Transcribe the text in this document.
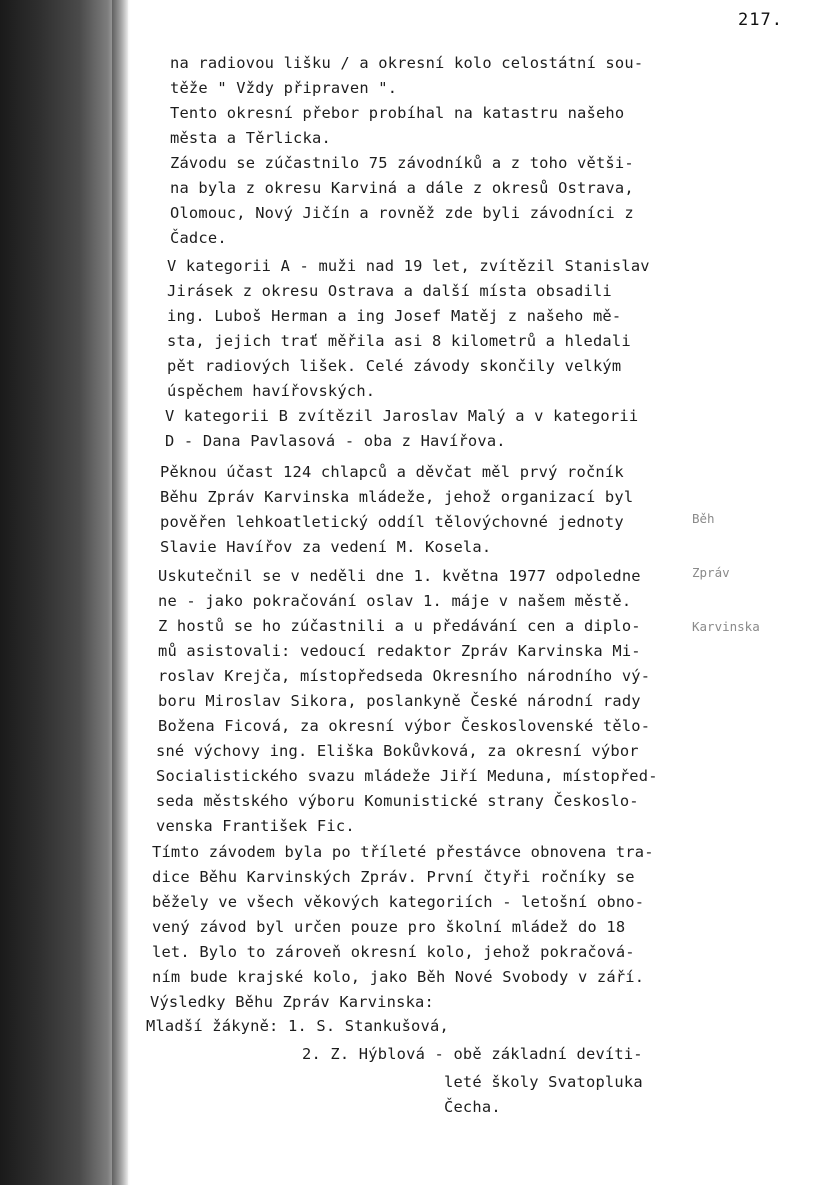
217.
na radiovou lišku / a okresní kolo celostátní sou-
těže " Vždy připraven ".
Tento okresní přebor probíhal na katastru našeho
města a Těrlicka.
Závodu se zúčastnilo 75 závodníků a z toho větši-
na byla z okresu Karviná a dále z okresů Ostrava,
Olomouc, Nový Jičín a rovněž zde byli závodníci z
Čadce.
V kategorii A - muži nad 19 let, zvítězil Stanislav
Jirásek z okresu Ostrava a další místa obsadili
ing. Luboš Herman a ing Josef Matěj z našeho mě-
sta, jejich trať měřila asi 8 kilometrů a hledali
pět radiových lišek. Celé závody skončily velkým
úspěchem havířovských.
V kategorii B zvítězil Jaroslav Malý a v kategorii
D - Dana Pavlasová - oba z Havířova.
Pěknou účast 124 chlapců a děvčat měl prvý ročník
Běhu Zpráv Karvinska mládeže, jehož organizací byl
pověřen lehkoatletický oddíl tělovýchovné jednoty
Slavie Havířov za vedení M. Kosela.
Uskutečnil se v neděli dne 1. května 1977 odpoledne
ne - jako pokračování oslav 1. máje v našem městě.
Z hostů se ho zúčastnili a u předávání cen a diplo-
mů asistovali: vedoucí redaktor Zpráv Karvinska Mi-
roslav Krejča, místopředseda Okresního národního vý-
boru Miroslav Sikora, poslankyně České národní rady
Božena Ficová, za okresní výbor Československé tělo-
sné výchovy ing. Eliška Bokůvková, za okresní výbor
Socialistického svazu mládeže Jiří Meduna, místopřed-
seda městského výboru Komunistické strany Českoslo-
venska František Fic.
Tímto závodem byla po tříleté přestávce obnovena tra-
dice Běhu Karvinských Zpráv. První čtyři ročníky se
běžely ve všech věkových kategoriích - letošní obno-
vený závod byl určen pouze pro školní mládež do 18
let. Bylo to zároveň okresní kolo, jehož pokračová-
ním bude krajské kolo, jako Běh Nové Svobody v září.
Výsledky Běhu Zpráv Karvinska:
Mladší žákyně: 1. S. Stankušová,
2. Z. Hýblová - obě základní devíti-
leté školy Svatopluka
Čecha.

Běh

Zpráv

Karvinska
